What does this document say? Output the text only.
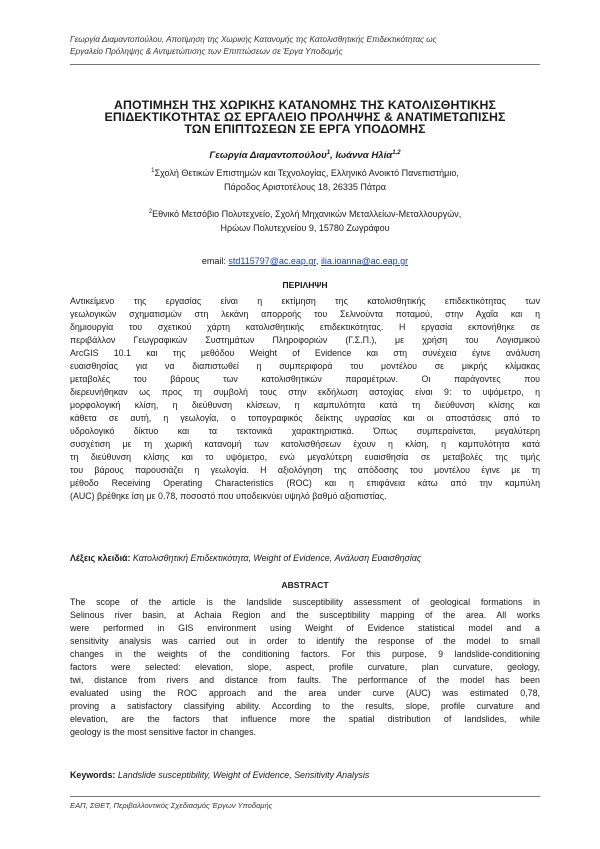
Γεωργία Διαμαντοπούλου, Αποτίμηση της Χωρικής Κατανομής της Κατολισθητικής Επιδεκτικότητας ως
Εργαλείο Πρόληψης & Αντιμετώπισης των Επιπτώσεων σε Έργα Υποδομής
ΑΠΟΤΙΜΗΣΗ ΤΗΣ ΧΩΡΙΚΗΣ ΚΑΤΑΝΟΜΗΣ ΤΗΣ ΚΑΤΟΛΙΣΘΗΤΙΚΗΣ
ΕΠΙΔΕΚΤΙΚΟΤΗΤΑΣ ΩΣ ΕΡΓΑΛΕΙΟ ΠΡΟΛΗΨΗΣ & ΑΝΑΤΙΜΕΤΩΠΙΣΗΣ
ΤΩΝ ΕΠΙΠΤΩΣΕΩΝ ΣΕ ΕΡΓΑ ΥΠΟΔΟΜΗΣ
Γεωργία Διαμαντοπούλου$^1$, Ιωάννα Ηλία$^{1,2}$
$^1$Σχολή Θετικών Επιστημών και Τεχνολογίας, Ελληνικό Ανοικτό Πανεπιστήμιο,
Πάροδος Αριστοτέλους 18, 26335 Πάτρα
$^2$Εθνικό Μετσόβιο Πολυτεχνείο, Σχολή Μηχανικών Μεταλλείων-Μεταλλουργών,
Ηρώων Πολυτεχνείου 9, 15780 Ζωγράφου
email: std115797@ac.eap.gr, ilia.ioanna@ac.eap.gr
ΠΕΡΙΛΗΨΗ
Αντικείμενο της εργασίας είναι η εκτίμηση της κατολισθητικής επιδεκτικότητας των
γεωλογικών σχηματισμών στη λεκάνη απορροής του Σελινούντα ποταμού, στην Αχαΐα και η
δημιουργία του σχετικού χάρτη κατολισθητικής επιδεκτικότητας. Η εργασία εκπονήθηκε σε
περιβάλλον Γεωγραφικών Συστημάτων Πληροφοριών (Γ.Σ.Π.), με χρήση του Λογισμικού
ArcGIS 10.1 και της μεθόδου Weight of Evidence και στη συνέχεια έγινε ανάλυση
ευαισθησίας για να διαπιστωθεί η συμπεριφορά του μοντέλου σε μικρής κλίμακας
μεταβολές του βάρους των κατολισθητικών παραμέτρων. Οι παράγοντες που
διερευνήθηκαν ως προς τη συμβολή τους στην εκδήλωση αστοχίας είναι 9: το υψόμετρο, η
μορφολογική κλίση, η διεύθυνση κλίσεων, η καμπυλότητα κατά τη διεύθυνση κλίσης και
κάθετα σε αυτή, η γεωλογία, ο τοπογραφικός δείκτης υγρασίας και οι αποστάσεις από το
υδρολογικό δίκτυο και τα τεκτονικά χαρακτηριστικά. Όπως συμπεραίνεται, μεγαλύτερη
συσχέτιση με τη χωρική κατανομή των κατολισθήσεων έχουν η κλίση, η καμπυλότητα κατά
τη διεύθυνση κλίσης και το υψόμετρο, ενώ μεγαλύτερη ευαισθησία σε μεταβολές της τιμής
του βάρους παρουσιάζει η γεωλογία. Η αξιολόγηση της απόδοσης του μοντέλου έγινε με τη
μέθοδο Receiving Operating Characteristics (ROC) και η επιφάνεια κάτω από την καμπύλη
(AUC) βρέθηκε ίση με 0.78, ποσοστό που υποδεικνύει υψηλό βαθμό αξιοπιστίας.
Λέξεις κλειδιά: Κατολισθητική Επιδεκτικότητα, Weight of Evidence, Ανάλυση Ευαισθησίας
ABSTRACT
The scope of the article is the landslide susceptibility assessment of geological formations in
Selinous river basin, at Achaia Region and the susceptibility mapping of the area. All works
were performed in GIS environment using Weight of Evidence statistical model and a
sensitivity analysis was carried out in order to identify the response of the model to small
changes in the weights of the conditioning factors. For this purpose, 9 landslide-conditioning
factors were selected: elevation, slope, aspect, profile curvature, plan curvature, geology,
twi, distance from rivers and distance from faults. The performance of the model has been
evaluated using the ROC approach and the area under curve (AUC) was estimated 0,78,
proving a satisfactory classifying ability. According to the results, slope, profile curvature and
elevation, are the factors that influence more the spatial distribution of landslides, while
geology is the most sensitive factor in changes.
Keywords: Landslide susceptibility, Weight of Evidence, Sensitivity Analysis
ΕΑΠ, ΣΘΕΤ, Περιβαλλοντικός Σχεδιασμός Έργων Υποδομής
